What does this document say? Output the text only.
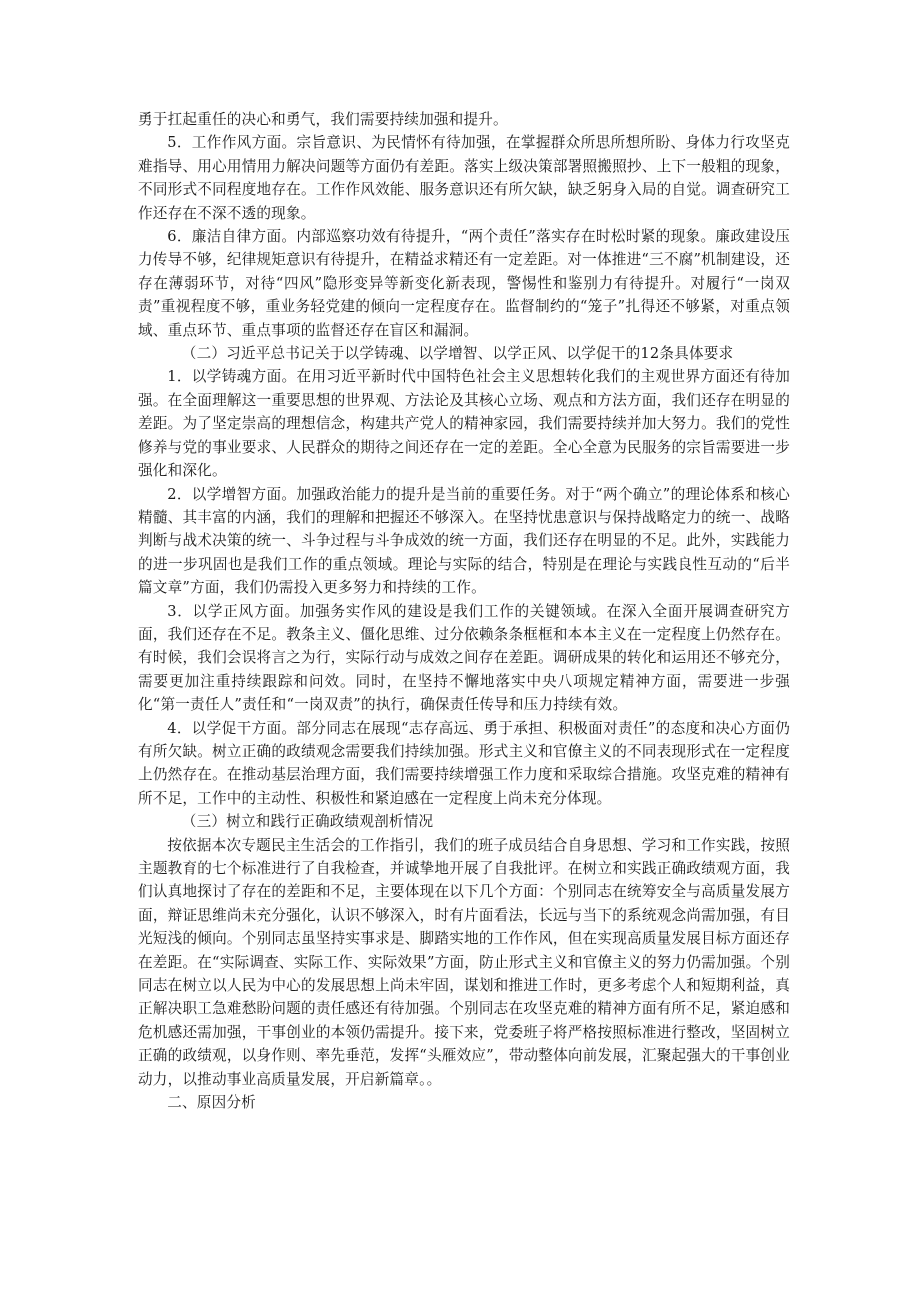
勇于扛起重任的决心和勇气，我们需要持续加强和提升。

5．工作作风方面。宗旨意识、为民情怀有待加强，在掌握群众所思所想所盼、身体力行攻坚克难指导、用心用情用力解决问题等方面仍有差距。落实上级决策部署照搬照抄、上下一般粗的现象，不同形式不同程度地存在。工作作风效能、服务意识还有所欠缺，缺乏躬身入局的自觉。调查研究工作还存在不深不透的现象。

6．廉洁自律方面。内部巡察功效有待提升，“两个责任”落实存在时松时紧的现象。廉政建设压力传导不够，纪律规矩意识有待提升，在精益求精还有一定差距。对一体推进“三不腐”机制建设，还存在薄弱环节，对待“四风”隐形变异等新变化新表现，警惕性和鉴别力有待提升。对履行“一岗双责”重视程度不够，重业务轻党建的倾向一定程度存在。监督制约的“笼子”扎得还不够紧，对重点领域、重点环节、重点事项的监督还存在盲区和漏洞。

（二）习近平总书记关于以学铸魂、以学增智、以学正风、以学促干的12条具体要求

1．以学铸魂方面。在用习近平新时代中国特色社会主义思想转化我们的主观世界方面还有待加强。在全面理解这一重要思想的世界观、方法论及其核心立场、观点和方法方面，我们还存在明显的差距。为了坚定崇高的理想信念，构建共产党人的精神家园，我们需要持续并加大努力。我们的党性修养与党的事业要求、人民群众的期待之间还存在一定的差距。全心全意为民服务的宗旨需要进一步强化和深化。

2．以学增智方面。加强政治能力的提升是当前的重要任务。对于“两个确立”的理论体系和核心精髓、其丰富的内涵，我们的理解和把握还不够深入。在坚持忧患意识与保持战略定力的统一、战略判断与战术决策的统一、斗争过程与斗争成效的统一方面，我们还存在明显的不足。此外，实践能力的进一步巩固也是我们工作的重点领域。理论与实际的结合，特别是在理论与实践良性互动的“后半篇文章”方面，我们仍需投入更多努力和持续的工作。

3．以学正风方面。加强务实作风的建设是我们工作的关键领域。在深入全面开展调查研究方面，我们还存在不足。教条主义、僵化思维、过分依赖条条框框和本本主义在一定程度上仍然存在。有时候，我们会误将言之为行，实际行动与成效之间存在差距。调研成果的转化和运用还不够充分，需要更加注重持续跟踪和问效。同时，在坚持不懈地落实中央八项规定精神方面，需要进一步强化“第一责任人”责任和“一岗双责”的执行，确保责任传导和压力持续有效。

4．以学促干方面。部分同志在展现“志存高远、勇于承担、积极面对责任”的态度和决心方面仍有所欠缺。树立正确的政绩观念需要我们持续加强。形式主义和官僚主义的不同表现形式在一定程度上仍然存在。在推动基层治理方面，我们需要持续增强工作力度和采取综合措施。攻坚克难的精神有所不足，工作中的主动性、积极性和紧迫感在一定程度上尚未充分体现。

（三）树立和践行正确政绩观剖析情况

按依据本次专题民主生活会的工作指引，我们的班子成员结合自身思想、学习和工作实践，按照主题教育的七个标准进行了自我检查，并诚挚地开展了自我批评。在树立和实践正确政绩观方面，我们认真地探讨了存在的差距和不足，主要体现在以下几个方面：个别同志在统筹安全与高质量发展方面，辩证思维尚未充分强化，认识不够深入，时有片面看法，长远与当下的系统观念尚需加强，有目光短浅的倾向。个别同志虽坚持实事求是、脚踏实地的工作作风，但在实现高质量发展目标方面还存在差距。在“实际调查、实际工作、实际效果”方面，防止形式主义和官僚主义的努力仍需加强。个别同志在树立以人民为中心的发展思想上尚未牢固，谋划和推进工作时，更多考虑个人和短期利益，真正解决职工急难愁盼问题的责任感还有待加强。个别同志在攻坚克难的精神方面有所不足，紧迫感和危机感还需加强，干事创业的本领仍需提升。接下来，党委班子将严格按照标准进行整改，坚固树立正确的政绩观，以身作则、率先垂范，发挥“头雁效应”，带动整体向前发展，汇聚起强大的干事创业动力，以推动事业高质量发展，开启新篇章。。

二、原因分析
